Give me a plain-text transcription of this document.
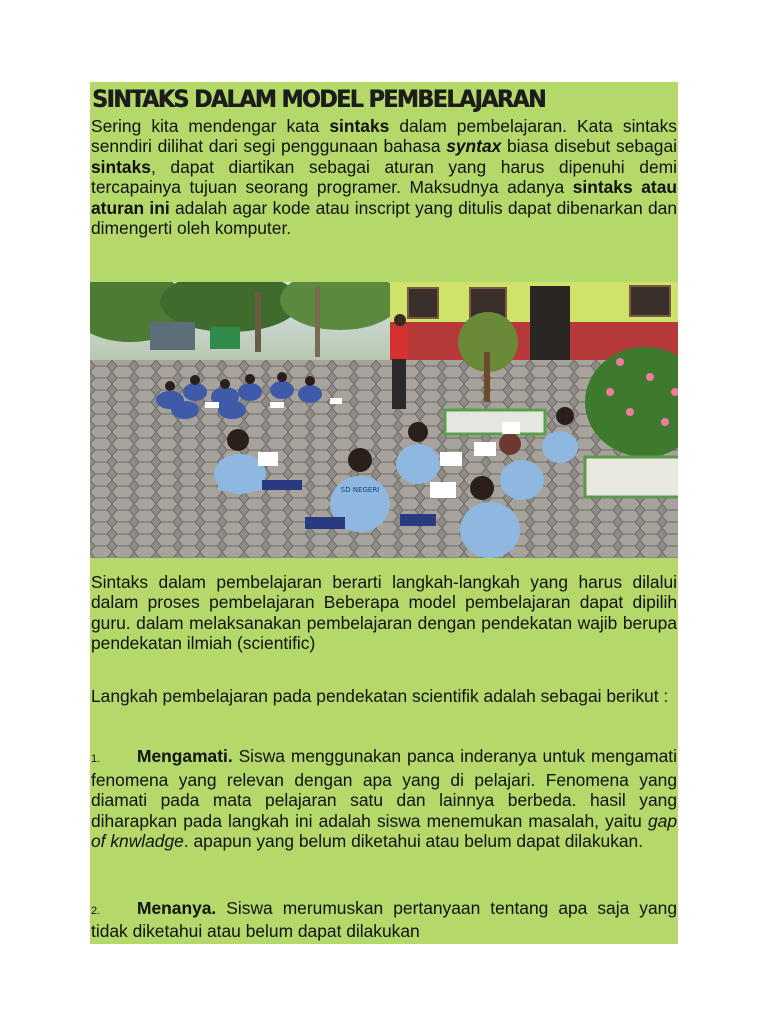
SINTAKS DALAM MODEL PEMBELAJARAN

Sering kita mendengar kata sintaks dalam pembelajaran. Kata sintaks senndiri dilihat dari segi penggunaan bahasa syntax biasa disebut sebagai sintaks, dapat diartikan sebagai aturan yang harus dipenuhi demi tercapainya tujuan seorang programer. Maksudnya adanya sintaks atau aturan ini adalah agar kode atau inscript yang ditulis dapat dibenarkan dan dimengerti oleh komputer.

SD NEGERI

Sintaks dalam pembelajaran berarti langkah-langkah yang harus dilalui dalam proses pembelajaran Beberapa model pembelajaran dapat dipilih guru. dalam melaksanakan pembelajaran dengan pendekatan wajib berupa pendekatan ilmiah (scientific)

Langkah pembelajaran pada pendekatan scientifik adalah sebagai berikut :

1. Mengamati. Siswa menggunakan panca inderanya untuk mengamati fenomena yang relevan dengan apa yang di pelajari. Fenomena yang diamati pada mata pelajaran satu dan lainnya berbeda. hasil yang diharapkan pada langkah ini adalah siswa menemukan masalah, yaitu gap of knwladge. apapun yang belum diketahui atau belum dapat dilakukan.

2. Menanya. Siswa merumuskan pertanyaan tentang apa saja yang tidak diketahui atau belum dapat dilakukan
